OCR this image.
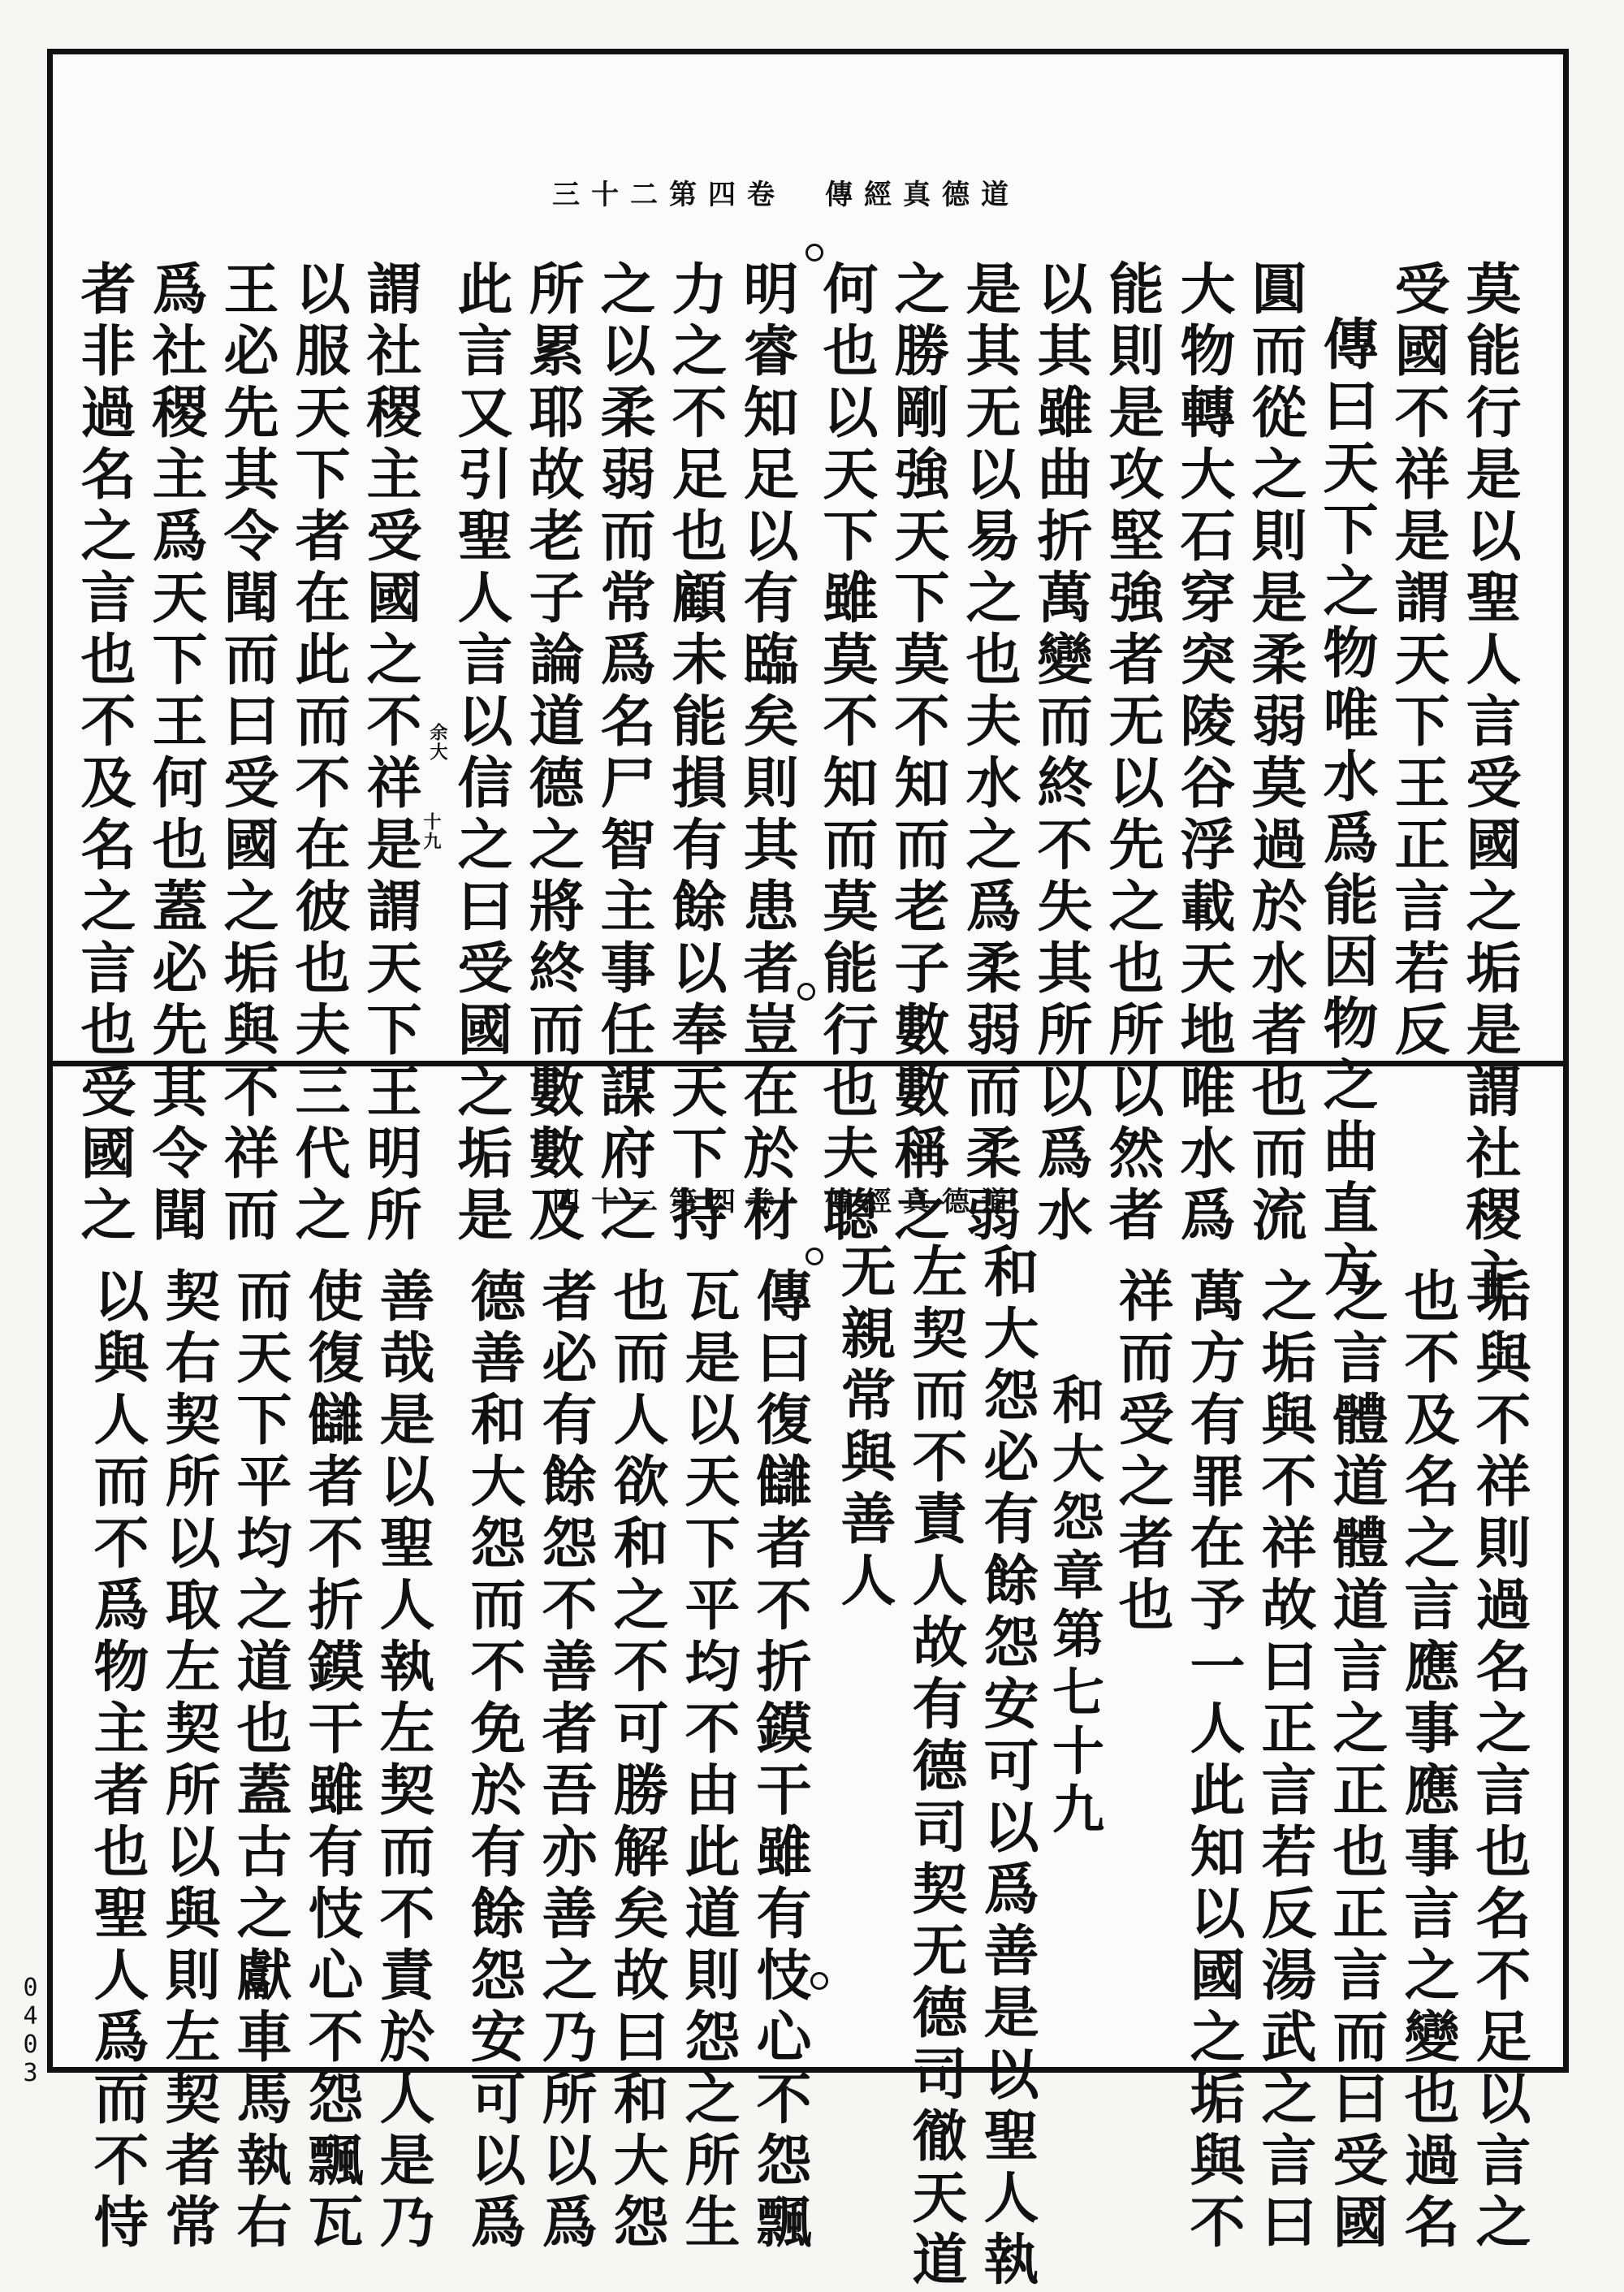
三十二第四卷　傳經真德道
莫能行是以聖人言受國之垢是謂社稷主
受國不祥是謂天下王正言若反
傳曰天下之物唯水爲能因物之曲直方
圓而從之則是柔弱莫過於水者也而流
大物轉大石穿突陵谷浮載天地唯水爲
能則是攻堅強者无以先之也所以然者
以其雖曲折萬變而終不失其所以爲水
是其无以易之也夫水之爲柔弱而柔弱
之勝剛強天下莫不知而老子數數稱之
何也以天下雖莫不知而莫能行也夫聰
明睿知足以有臨矣則其患者豈在於材
力之不足也顧未能損有餘以奉天下持
之以柔弱而常爲名尸智主事任謀府之
所累耶故老子論道德之將終而數數及
此言又引聖人言以信之曰受國之垢是
謂社稷主受國之不祥是謂天下王明所
以服天下者在此而不在彼也夫三代之
王必先其令聞而曰受國之垢與不祥而
爲社稷主爲天下王何也蓋必先其令聞
者非過名之言也不及名之言也受國之	十九
余大
四十二第四卷　傳經真德道
垢與不祥則過名之言也名不足以言之
也不及名之言應事應事言之變也過名
之言體道體道言之正也正言而曰受國
之垢與不祥故曰正言若反湯武之言曰
萬方有罪在予一人此知以國之垢與不
祥而受之者也
和大怨章第七十九
和大怨必有餘怨安可以爲善是以聖人執
左契而不責人故有德司契无德司徹天道
无親常與善人
傳曰復讎者不折鏌干雖有忮心不怨飄
瓦是以天下平均不由此道則怨之所生
也而人欲和之不可勝解矣故曰和大怨
者必有餘怨不善者吾亦善之乃所以爲
德善和大怨而不免於有餘怨安可以爲
善哉是以聖人執左契而不責於人是乃
使復讎者不折鏌干雖有忮心不怨飄瓦
而天下平均之道也蓋古之獻車馬執右
契右契所以取左契所以與則左契者常
以與人而不爲物主者也聖人爲而不恃
0403
